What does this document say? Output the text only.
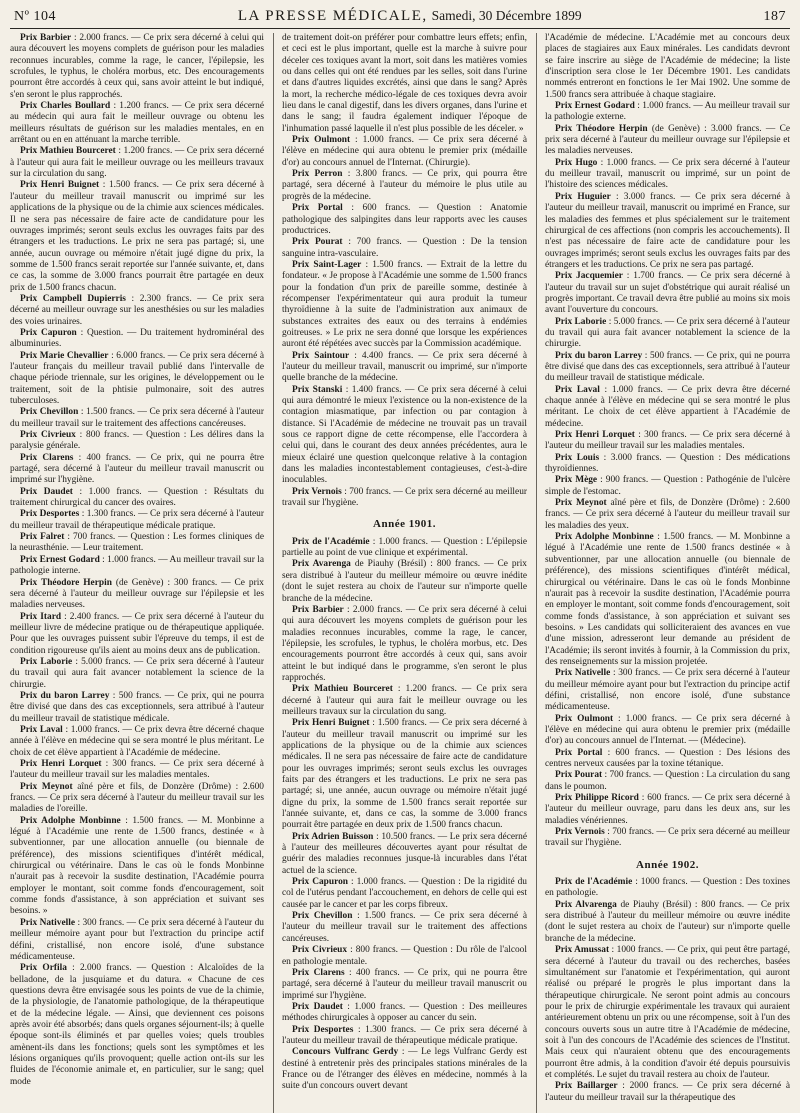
Nº 104	LA PRESSE MÉDICALE, Samedi, 30 Décembre 1899	187

Prix Barbier : 2.000 francs. — Ce prix sera décerné à celui qui aura découvert les moyens complets de guérison pour les maladies reconnues incurables, comme la rage, le cancer, l'épilepsie, les scrofules, le typhus, le choléra morbus, etc. Des encouragements pourront être accordés à ceux qui, sans avoir atteint le but indiqué, s'en seront le plus rapprochés.

Prix Charles Boullard : 1.200 francs. — Ce prix sera décerné au médecin qui aura fait le meilleur ouvrage ou obtenu les meilleurs résultats de guérison sur les maladies mentales, en en arrêtant ou en en atténuant la marche terrible.

Prix Mathieu Bourceret : 1.200 francs. — Ce prix sera décerné à l'auteur qui aura fait le meilleur ouvrage ou les meilleurs travaux sur la circulation du sang.

Prix Henri Buignet : 1.500 francs. — Ce prix sera décerné à l'auteur du meilleur travail manuscrit ou imprimé sur les applications de la physique ou de la chimie aux sciences médicales. Il ne sera pas nécessaire de faire acte de candidature pour les ouvrages imprimés; seront seuls exclus les ouvrages faits par des étrangers et les traductions. Le prix ne sera pas partagé; si, une année, aucun ouvrage ou mémoire n'était jugé digne du prix, la somme de 1.500 francs serait reportée sur l'année suivante, et, dans ce cas, la somme de 3.000 francs pourrait être partagée en deux prix de 1.500 francs chacun.

Prix Campbell Dupierris : 2.300 francs. — Ce prix sera décerné au meilleur ouvrage sur les anesthésies ou sur les maladies des voies urinaires.

Prix Capuron : Question. — Du traitement hydrominéral des albuminuries.

Prix Marie Chevallier : 6.000 francs. — Ce prix sera décerné à l'auteur français du meilleur travail publié dans l'intervalle de chaque période triennale, sur les origines, le développement ou le traitement, soit de la phtisie pulmonaire, soit des autres tuberculoses.

Prix Chevillon : 1.500 francs. — Ce prix sera décerné à l'auteur du meilleur travail sur le traitement des affections cancéreuses.

Prix Civrieux : 800 francs. — Question : Les délires dans la paralysie générale.

Prix Clarens : 400 francs. — Ce prix, qui ne pourra être partagé, sera décerné à l'auteur du meilleur travail manuscrit ou imprimé sur l'hygiène.

Prix Daudet : 1.000 francs. — Question : Résultats du traitement chirurgical du cancer des ovaires.

Prix Desportes : 1.300 francs. — Ce prix sera décerné à l'auteur du meilleur travail de thérapeutique médicale pratique.

Prix Falret : 700 francs. — Question : Les formes cliniques de la neurasthénie. — Leur traitement.

Prix Ernest Godard : 1.000 francs. — Au meilleur travail sur la pathologie interne.

Prix Théodore Herpin (de Genève) : 300 francs. — Ce prix sera décerné à l'auteur du meilleur ouvrage sur l'épilepsie et les maladies nerveuses.

Prix Itard : 2.400 francs. — Ce prix sera décerné à l'auteur du meilleur livre de médecine pratique ou de thérapeutique appliquée. Pour que les ouvrages puissent subir l'épreuve du temps, il est de condition rigoureuse qu'ils aient au moins deux ans de publication.

Prix Laborie : 5.000 francs. — Ce prix sera décerné à l'auteur du travail qui aura fait avancer notablement la science de la chirurgie.

Prix du baron Larrey : 500 francs. — Ce prix, qui ne pourra être divisé que dans des cas exceptionnels, sera attribué à l'auteur du meilleur travail de statistique médicale.

Prix Laval : 1.000 francs. — Ce prix devra être décerné chaque année à l'élève en médecine qui se sera montré le plus méritant. Le choix de cet élève appartient à l'Académie de médecine.

Prix Henri Lorquet : 300 francs. — Ce prix sera décerné à l'auteur du meilleur travail sur les maladies mentales.

Prix Meynot aîné père et fils, de Donzère (Drôme) : 2.600 francs. — Ce prix sera décerné à l'auteur du meilleur travail sur les maladies de l'oreille.

Prix Adolphe Monbinne : 1.500 francs. — M. Monbinne a légué à l'Académie une rente de 1.500 francs, destinée « à subventionner, par une allocation annuelle (ou biennale de préférence), des missions scientifiques d'intérêt médical, chirurgical ou vétérinaire. Dans le cas où le fonds Monbinne n'aurait pas à recevoir la susdite destination, l'Académie pourra employer le montant, soit comme fonds d'encouragement, soit comme fonds d'assistance, à son appréciation et suivant ses besoins. »

Prix Nativelle : 300 francs. — Ce prix sera décerné à l'auteur du meilleur mémoire ayant pour but l'extraction du principe actif défini, cristallisé, non encore isolé, d'une substance médicamenteuse.

Prix Orfila : 2.000 francs. — Question : Alcaloïdes de la belladone, de la jusquiame et du datura. « Chacune de ces questions devra être envisagée sous les points de vue de la chimie, de la physiologie, de l'anatomie pathologique, de la thérapeutique et de la médecine légale. — Ainsi, que deviennent ces poisons après avoir été absorbés; dans quels organes séjournent-ils; à quelle époque sont-ils éliminés et par quelles voies; quels troubles amènent-ils dans les fonctions; quels sont les symptômes et les lésions organiques qu'ils provoquent; quelle action ont-ils sur les fluides de l'économie animale et, en particulier, sur le sang; quel mode

de traitement doit-on préférer pour combattre leurs effets; enfin, et ceci est le plus important, quelle est la marche à suivre pour déceler ces toxiques avant la mort, soit dans les matières vomies ou dans celles qui ont été rendues par les selles, soit dans l'urine et dans d'autres liquides excrétés, ainsi que dans le sang? Après la mort, la recherche médico-légale de ces toxiques devra avoir lieu dans le canal digestif, dans les divers organes, dans l'urine et dans le sang; il faudra également indiquer l'époque de l'inhumation passé laquelle il n'est plus possible de les déceler. »

Prix Oulmont : 1.000 francs. — Ce prix sera décerné à l'élève en médecine qui aura obtenu le premier prix (médaille d'or) au concours annuel de l'Internat. (Chirurgie).

Prix Perron : 3.800 francs. — Ce prix, qui pourra être partagé, sera décerné à l'auteur du mémoire le plus utile au progrès de la médecine.

Prix Portal : 600 francs. — Question : Anatomie pathologique des salpingites dans leur rapports avec les causes productrices.

Prix Pourat : 700 francs. — Question : De la tension sanguine intra-vasculaire.

Prix Saint-Lager : 1.500 francs. — Extrait de la lettre du fondateur. « Je propose à l'Académie une somme de 1.500 francs pour la fondation d'un prix de pareille somme, destinée à récompenser l'expérimentateur qui aura produit la tumeur thyroïdienne à la suite de l'administration aux animaux de substances extraites des eaux ou des terrains à endémies goitreuses. » Le prix ne sera donné que lorsque les expériences auront été répétées avec succès par la Commission académique.

Prix Saintour : 4.400 francs. — Ce prix sera décerné à l'auteur du meilleur travail, manuscrit ou imprimé, sur n'importe quelle branche de la médecine.

Prix Stanski : 1.400 francs. — Ce prix sera décerné à celui qui aura démontré le mieux l'existence ou la non-existence de la contagion miasmatique, par infection ou par contagion à distance. Si l'Académie de médecine ne trouvait pas un travail sous ce rapport digne de cette récompense, elle l'accordera à celui qui, dans le courant des deux années précédentes, aura le mieux éclairé une question quelconque relative à la contagion dans les maladies incontestablement contagieuses, c'est-à-dire inoculables.

Prix Vernois : 700 francs. — Ce prix sera décerné au meilleur travail sur l'hygiène.

Année 1901.

Prix de l'Académie : 1.000 francs. — Question : L'épilepsie partielle au point de vue clinique et expérimental.

Prix Avarenga de Piauhy (Brésil) : 800 francs. — Ce prix sera distribué à l'auteur du meilleur mémoire ou œuvre inédite (dont le sujet restera au choix de l'auteur sur n'importe quelle branche de la médecine.

Prix Barbier : 2.000 francs. — Ce prix sera décerné à celui qui aura découvert les moyens complets de guérison pour les maladies reconnues incurables, comme la rage, le cancer, l'épilepsie, les scrofules, le typhus, le choléra morbus, etc. Des encouragements pourront être accordés à ceux qui, sans avoir atteint le but indiqué dans le programme, s'en seront le plus rapprochés.

Prix Mathieu Bourceret : 1.200 francs. — Ce prix sera décerné à l'auteur qui aura fait le meilleur ouvrage ou les meilleurs travaux sur la circulation du sang.

Prix Henri Buignet : 1.500 francs. — Ce prix sera décerné à l'auteur du meilleur travail manuscrit ou imprimé sur les applications de la physique ou de la chimie aux sciences médicales. Il ne sera pas nécessaire de faire acte de candidature pour les ouvrages imprimés; seront seuls exclus les ouvrages faits par des étrangers et les traductions. Le prix ne sera pas partagé; si, une année, aucun ouvrage ou mémoire n'était jugé digne du prix, la somme de 1.500 francs serait reportée sur l'année suivante, et, dans ce cas, la somme de 3.000 francs pourrait être partagée en deux prix de 1.500 francs chacun.

Prix Adrien Buisson : 10.500 francs. — Le prix sera décerné à l'auteur des meilleures découvertes ayant pour résultat de guérir des maladies reconnues jusque-là incurables dans l'état actuel de la science.

Prix Capuron : 1.000 francs. — Question : De la rigidité du col de l'utérus pendant l'accouchement, en dehors de celle qui est causée par le cancer et par les corps fibreux.

Prix Chevillon : 1.500 francs. — Ce prix sera décerné à l'auteur du meilleur travail sur le traitement des affections cancéreuses.

Prix Civrieux : 800 francs. — Question : Du rôle de l'alcool en pathologie mentale.

Prix Clarens : 400 francs. — Ce prix, qui ne pourra être partagé, sera décerné à l'auteur du meilleur travail manuscrit ou imprimé sur l'hygiène.

Prix Daudet : 1.000 francs. — Question : Des meilleures méthodes chirurgicales à opposer au cancer du sein.

Prix Desportes : 1.300 francs. — Ce prix sera décerné à l'auteur du meilleur travail de thérapeutique médicale pratique.

Concours Vulfranc Gerdy : — Le legs Vulfranc Gerdy est destiné à entretenir près des principales stations minérales de la France ou de l'étranger des élèves en médecine, nommés à la suite d'un concours ouvert devant

l'Académie de médecine. L'Académie met au concours deux places de stagiaires aux Eaux minérales. Les candidats devront se faire inscrire au siège de l'Académie de médecine; la liste d'inscription sera close le 1er Décembre 1901. Les candidats nommés entreront en fonctions le 1er Mai 1902. Une somme de 1.500 francs sera attribuée à chaque stagiaire.

Prix Ernest Godard : 1.000 francs. — Au meilleur travail sur la pathologie externe.

Prix Théodore Herpin (de Genève) : 3.000 francs. — Ce prix sera décerné à l'auteur du meilleur ouvrage sur l'épilepsie et les maladies nerveuses.

Prix Hugo : 1.000 francs. — Ce prix sera décerné à l'auteur du meilleur travail, manuscrit ou imprimé, sur un point de l'histoire des sciences médicales.

Prix Huguier : 3.000 francs. — Ce prix sera décerné à l'auteur du meilleur travail, manuscrit ou imprimé en France, sur les maladies des femmes et plus spécialement sur le traitement chirurgical de ces affections (non compris les accouchements). Il n'est pas nécessaire de faire acte de candidature pour les ouvrages imprimés; seront seuls exclus les ouvrages faits par des étrangers et les traductions. Ce prix ne sera pas partagé.

Prix Jacquemier : 1.700 francs. — Ce prix sera décerné à l'auteur du travail sur un sujet d'obstétrique qui aurait réalisé un progrès important. Ce travail devra être publié au moins six mois avant l'ouverture du concours.

Prix Laborie : 5.000 francs. — Ce prix sera décerné à l'auteur du travail qui aura fait avancer notablement la science de la chirurgie.

Prix du baron Larrey : 500 francs. — Ce prix, qui ne pourra être divisé que dans des cas exceptionnels, sera attribué à l'auteur du meilleur travail de statistique médicale.

Prix Laval : 1.000 francs. — Ce prix devra être décerné chaque année à l'élève en médecine qui se sera montré le plus méritant. Le choix de cet élève appartient à l'Académie de médecine.

Prix Henri Lorquet : 300 francs. — Ce prix sera décerné à l'auteur du meilleur travail sur les maladies mentales.

Prix Louis : 3.000 francs. — Question : Des médications thyroïdiennes.

Prix Mège : 900 francs. — Question : Pathogénie de l'ulcère simple de l'estomac.

Prix Meynot aîné père et fils, de Donzère (Drôme) : 2.600 francs. — Ce prix sera décerné à l'auteur du meilleur travail sur les maladies des yeux.

Prix Adolphe Monbinne : 1.500 francs. — M. Monbinne a légué à l'Académie une rente de 1.500 francs destinée « à subventionner, par une allocation annuelle (ou biennale de préférence), des missions scientifiques d'intérêt médical, chirurgical ou vétérinaire. Dans le cas où le fonds Monbinne n'aurait pas à recevoir la susdite destination, l'Académie pourra en employer le montant, soit comme fonds d'encouragement, soit comme fonds d'assistance, à son appréciation et suivant ses besoins. » Les candidats qui solliciteraient des avances en vue d'une mission, adresseront leur demande au président de l'Académie; ils seront invités à fournir, à la Commission du prix, des renseignements sur la mission projetée.

Prix Nativelle : 300 francs. — Ce prix sera décerné à l'auteur du meilleur mémoire ayant pour but l'extraction du principe actif défini, cristallisé, non encore isolé, d'une substance médicamenteuse.

Prix Oulmont : 1.000 francs. — Ce prix sera décerné à l'élève en médecine qui aura obtenu le premier prix (médaille d'or) au concours annuel de l'Internat. — (Médecine).

Prix Portal : 600 francs. — Question : Des lésions des centres nerveux causées par la toxine tétanique.

Prix Pourat : 700 francs. — Question : La circulation du sang dans le poumon.

Prix Philippe Ricord : 600 francs. — Ce prix sera décerné à l'auteur du meilleur ouvrage, paru dans les deux ans, sur les maladies vénériennes.

Prix Vernois : 700 francs. — Ce prix sera décerné au meilleur travail sur l'hygiène.

Année 1902.

Prix de l'Académie : 1000 francs. — Question : Des toxines en pathologie.

Prix Alvarenga de Piauhy (Brésil) : 800 francs. — Ce prix sera distribué à l'auteur du meilleur mémoire ou œuvre inédite (dont le sujet restera au choix de l'auteur) sur n'importe quelle branche de la médecine.

Prix Amussat : 1000 francs. — Ce prix, qui peut être partagé, sera décerné à l'auteur du travail ou des recherches, basées simultanément sur l'anatomie et l'expérimentation, qui auront réalisé ou préparé le progrès le plus important dans la thérapeutique chirurgicale. Ne seront point admis au concours pour le prix de chirurgie expérimentale les travaux qui auraient antérieurement obtenu un prix ou une récompense, soit à l'un des concours ouverts sous un autre titre à l'Académie de médecine, soit à l'un des concours de l'Académie des sciences de l'Institut. Mais ceux qui n'auraient obtenu que des encouragements pourront être admis, à la condition d'avoir été depuis poursuivis et complétés. Le sujet du travail restera au choix de l'auteur.

Prix Baillarger : 2000 francs. — Ce prix sera décerné à l'auteur du meilleur travail sur la thérapeutique des
